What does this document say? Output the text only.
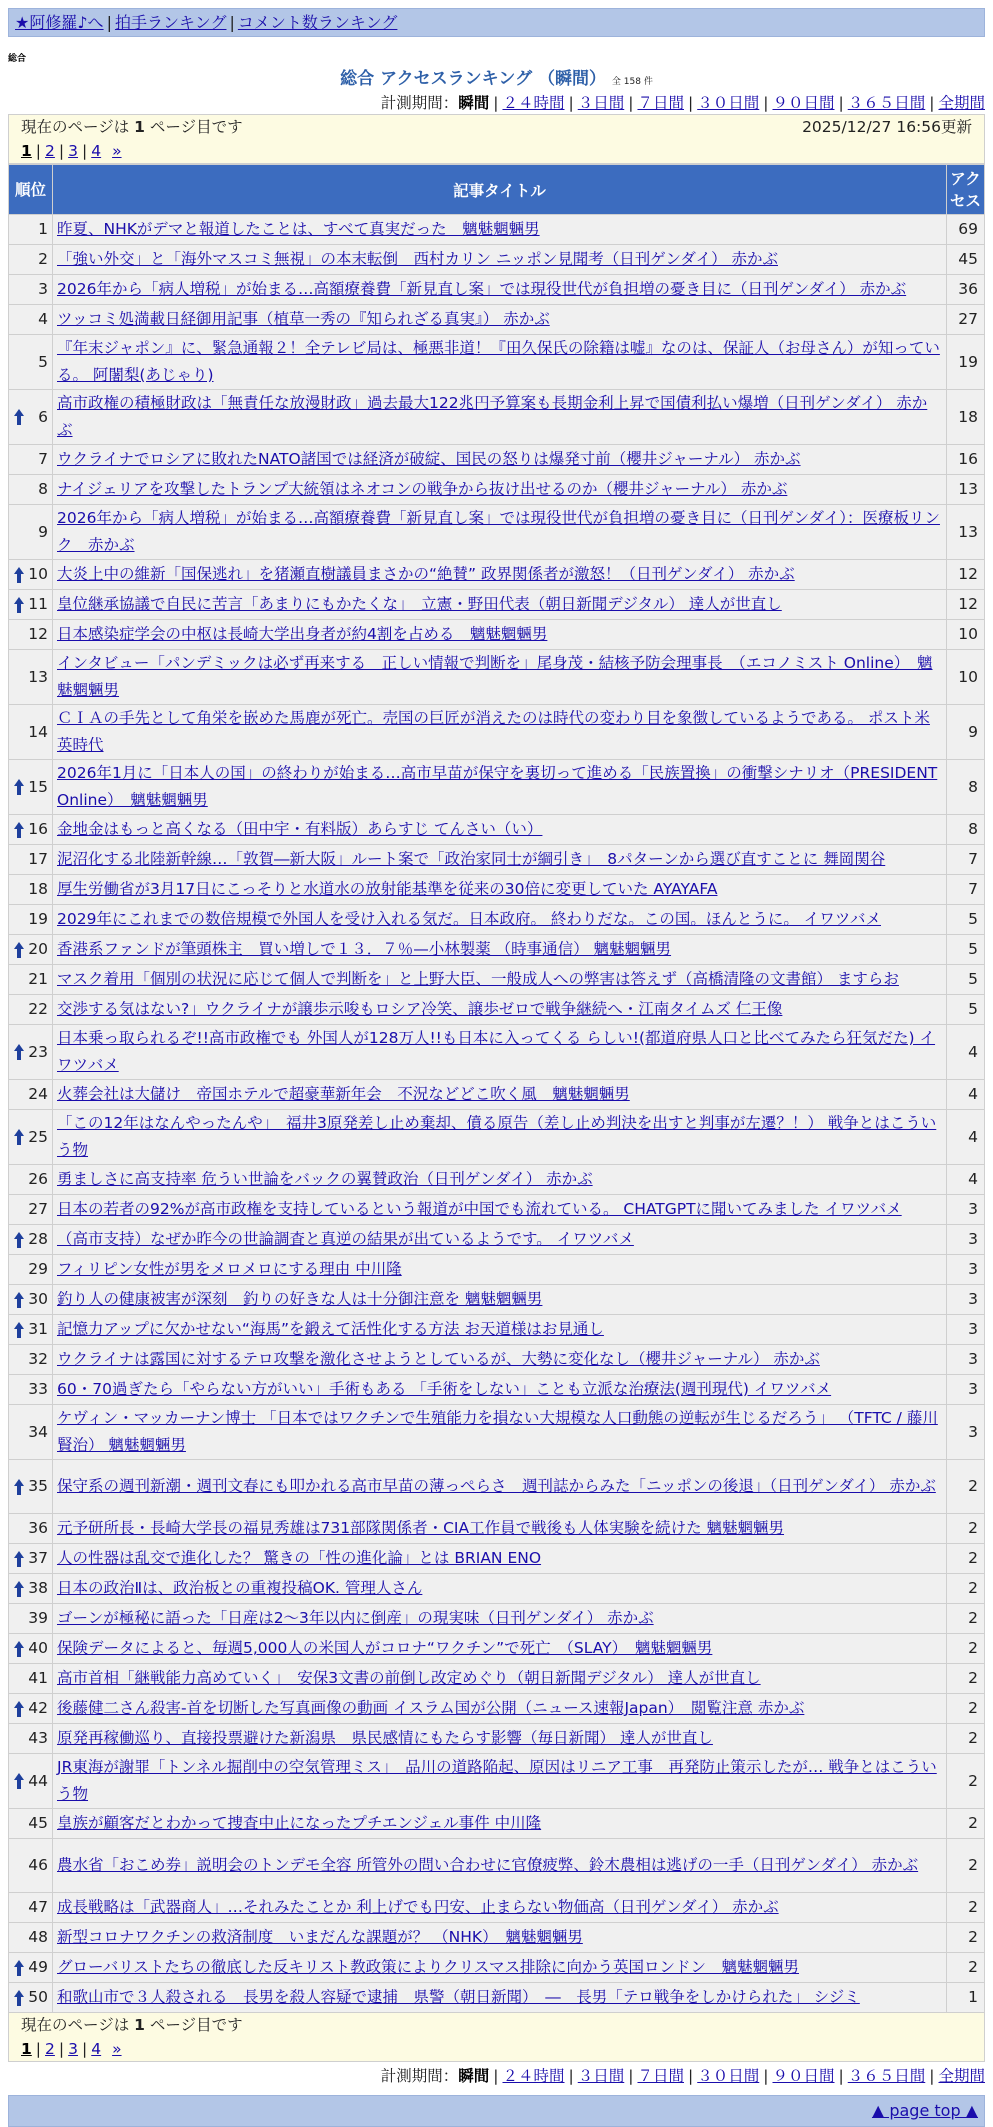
★阿修羅♪へ | 拍手ランキング | コメント数ランキング
総合
総合 アクセスランキング （瞬間） 全 158 件
計測期間：瞬間 | ２４時間 | ３日間 | ７日間 | ３０日間 | ９０日間 | ３６５日間 | 全期間
現在のページは 1 ページ目です	2025/12/27 16:56更新
1 | 2 | 3 | 4 »
順位	記事タイトル	アクセス
1	昨夏、NHKがデマと報道したことは、すべて真実だった　魑魅魍魎男	69
2	「強い外交」と「海外マスコミ無視」の本末転倒　西村カリン ニッポン見聞考（日刊ゲンダイ） 赤かぶ	45
3	2026年から「病人増税」が始まる…高額療養費「新見直し案」では現役世代が負担増の憂き目に（日刊ゲンダイ） 赤かぶ	36
4	ツッコミ処満載日経御用記事（植草一秀の『知られざる真実』） 赤かぶ	27
5	『年末ジャポン』に、緊急通報２！全テレビ局は、極悪非道！『田久保氏の除籍は嘘』なのは、保証人（お母さん）が知っている。 阿闍梨(あじゃり)	19

6	高市政権の積極財政は「無責任な放漫財政」過去最大122兆円予算案も長期金利上昇で国債利払い爆増（日刊ゲンダイ） 赤かぶ	18
7	ウクライナでロシアに敗れたNATO諸国では経済が破綻、国民の怒りは爆発寸前（櫻井ジャーナル） 赤かぶ	16
8	ナイジェリアを攻撃したトランプ大統領はネオコンの戦争から抜け出せるのか（櫻井ジャーナル） 赤かぶ	13
9	2026年から「病人増税」が始まる…高額療養費「新見直し案」では現役世代が負担増の憂き目に（日刊ゲンダイ）：医療板リンク　赤かぶ	13

10	大炎上中の維新「国保逃れ」を猪瀬直樹議員まさかの“絶賛” 政界関係者が激怒！（日刊ゲンダイ） 赤かぶ	12

11	皇位継承協議で自民に苦言「あまりにもかたくな」　立憲・野田代表（朝日新聞デジタル） 達人が世直し	12
12	日本感染症学会の中枢は長崎大学出身者が約4割を占める　魑魅魍魎男	10
13	インタビュー「パンデミックは必ず再来する　正しい情報で判断を」尾身茂・結核予防会理事長　（エコノミスト Online）　魑魅魍魎男	10
14	ＣＩＡの手先として角栄を嵌めた馬鹿が死亡。売国の巨匠が消えたのは時代の変わり目を象徴しているようである。 ポスト米英時代	9

15	2026年1月に「日本人の国」の終わりが始まる…高市早苗が保守を裏切って進める「民族置換」の衝撃シナリオ（PRESIDENT Online）　魑魅魍魎男	8

16	金地金はもっと高くなる（田中宇・有料版）あらすじ てんさい（い）	8
17	泥沼化する北陸新幹線…「敦賀―新大阪」ルート案で「政治家同士が綱引き」　8パターンから選び直すことに 舞岡関谷	7
18	厚生労働省が3月17日にこっそりと水道水の放射能基準を従来の30倍に変更していた AYAYAFA	7
19	2029年にこれまでの数倍規模で外国人を受け入れる気だ。日本政府。 終わりだな。この国。ほんとうに。 イワツバメ	5

20	香港系ファンドが筆頭株主　買い増しで１３．７％—小林製薬 （時事通信） 魑魅魍魎男	5
21	マスク着用「個別の状況に応じて個人で判断を」と上野大臣、一般成人への弊害は答えず（高橋清隆の文書館） ますらお	5
22	交渉する気はない?」ウクライナが譲歩示唆もロシア冷笑、譲歩ゼロで戦争継続へ・江南タイムズ 仁王像	5

23	日本乗っ取られるぞ!!高市政権でも 外国人が128万人!!も日本に入ってくる らしい!(都道府県人口と比べてみたら狂気だた) イワツバメ	4
24	火葬会社は大儲け　帝国ホテルで超豪華新年会　不況などどこ吹く風　魑魅魍魎男	4

25	「この12年はなんやったんや」　福井3原発差し止め棄却、僨る原告（差し止め判決を出すと判事が左遷？！） 戦争とはこういう物	4
26	勇ましさに高支持率 危うい世論をバックの翼賛政治（日刊ゲンダイ） 赤かぶ	4
27	日本の若者の92%が高市政権を支持しているという報道が中国でも流れている。 CHATGPTに聞いてみました イワツバメ	3

28	（高市支持）なぜか昨今の世論調査と真逆の結果が出ているようです。 イワツバメ	3
29	フィリピン女性が男をメロメロにする理由 中川隆	3

30	釣り人の健康被害が深刻　釣りの好きな人は十分御注意を 魑魅魍魎男	3

31	記憶力アップに欠かせない“海馬”を鍛えて活性化する方法 お天道様はお見通し	3
32	ウクライナは露国に対するテロ攻撃を激化させようとしているが、大勢に変化なし（櫻井ジャーナル） 赤かぶ	3
33	60・70過ぎたら「やらない方がいい」手術もある 「手術をしない」ことも立派な治療法(週刊現代) イワツバメ	3
34	ケヴィン・マッカーナン博士 「日本ではワクチンで生殖能力を損ない大規模な人口動態の逆転が生じるだろう」 （TFTC / 藤川賢治） 魑魅魍魎男	3

35	保守系の週刊新潮・週刊文春にも叩かれる高市早苗の薄っぺらさ　週刊誌からみた「ニッポンの後退」（日刊ゲンダイ） 赤かぶ	2
36	元予研所長・長崎大学長の福見秀雄は731部隊関係者・CIA工作員で戦後も人体実験を続けた 魑魅魍魎男	2

37	人の性器は乱交で進化した？ 驚きの「性の進化論」とは BRIAN ENO	2

38	日本の政治Ⅱは、政治板との重複投稿OK. 管理人さん	2
39	ゴーンが極秘に語った「日産は2～3年以内に倒産」の現実味（日刊ゲンダイ） 赤かぶ	2

40	保険データによると、毎週5,000人の米国人がコロナ“ワクチン”で死亡　（SLAY）　魑魅魍魎男	2
41	高市首相「継戦能力高めていく」　安保3文書の前倒し改定めぐり（朝日新聞デジタル） 達人が世直し	2

42	後藤健二さん殺害-首を切断した写真画像の動画 イスラム国が公開（ニュース速報Japan）　閲覧注意 赤かぶ	2
43	原発再稼働巡り、直接投票避けた新潟県　県民感情にもたらす影響（毎日新聞） 達人が世直し	2

44	JR東海が謝罪「トンネル掘削中の空気管理ミス」　品川の道路陥起、原因はリニア工事　再発防止策示したが… 戦争とはこういう物	2
45	皇族が顧客だとわかって捜査中止になったプチエンジェル事件 中川隆	2
46	農水省「おこめ券」説明会のトンデモ全容 所管外の問い合わせに官僚疲弊、鈴木農相は逃げの一手（日刊ゲンダイ） 赤かぶ	2
47	成長戦略は「武器商人」…それみたことか 利上げでも円安、止まらない物価高（日刊ゲンダイ） 赤かぶ	2
48	新型コロナワクチンの救済制度　いまだんな課題が？ （NHK）　魑魅魍魎男	2

49	グローバリストたちの徹底した反キリスト教政策によりクリスマス排除に向かう英国ロンドン　魑魅魍魎男	2

50	和歌山市で３人殺される　長男を殺人容疑で逮捕　県警（朝日新聞）　―　長男「テロ戦争をしかけられた」 シジミ	1
現在のページは 1 ページ目です
1 | 2 | 3 | 4 »
計測期間：瞬間 | ２４時間 | ３日間 | ７日間 | ３０日間 | ９０日間 | ３６５日間 | 全期間
▲ page top ▲
